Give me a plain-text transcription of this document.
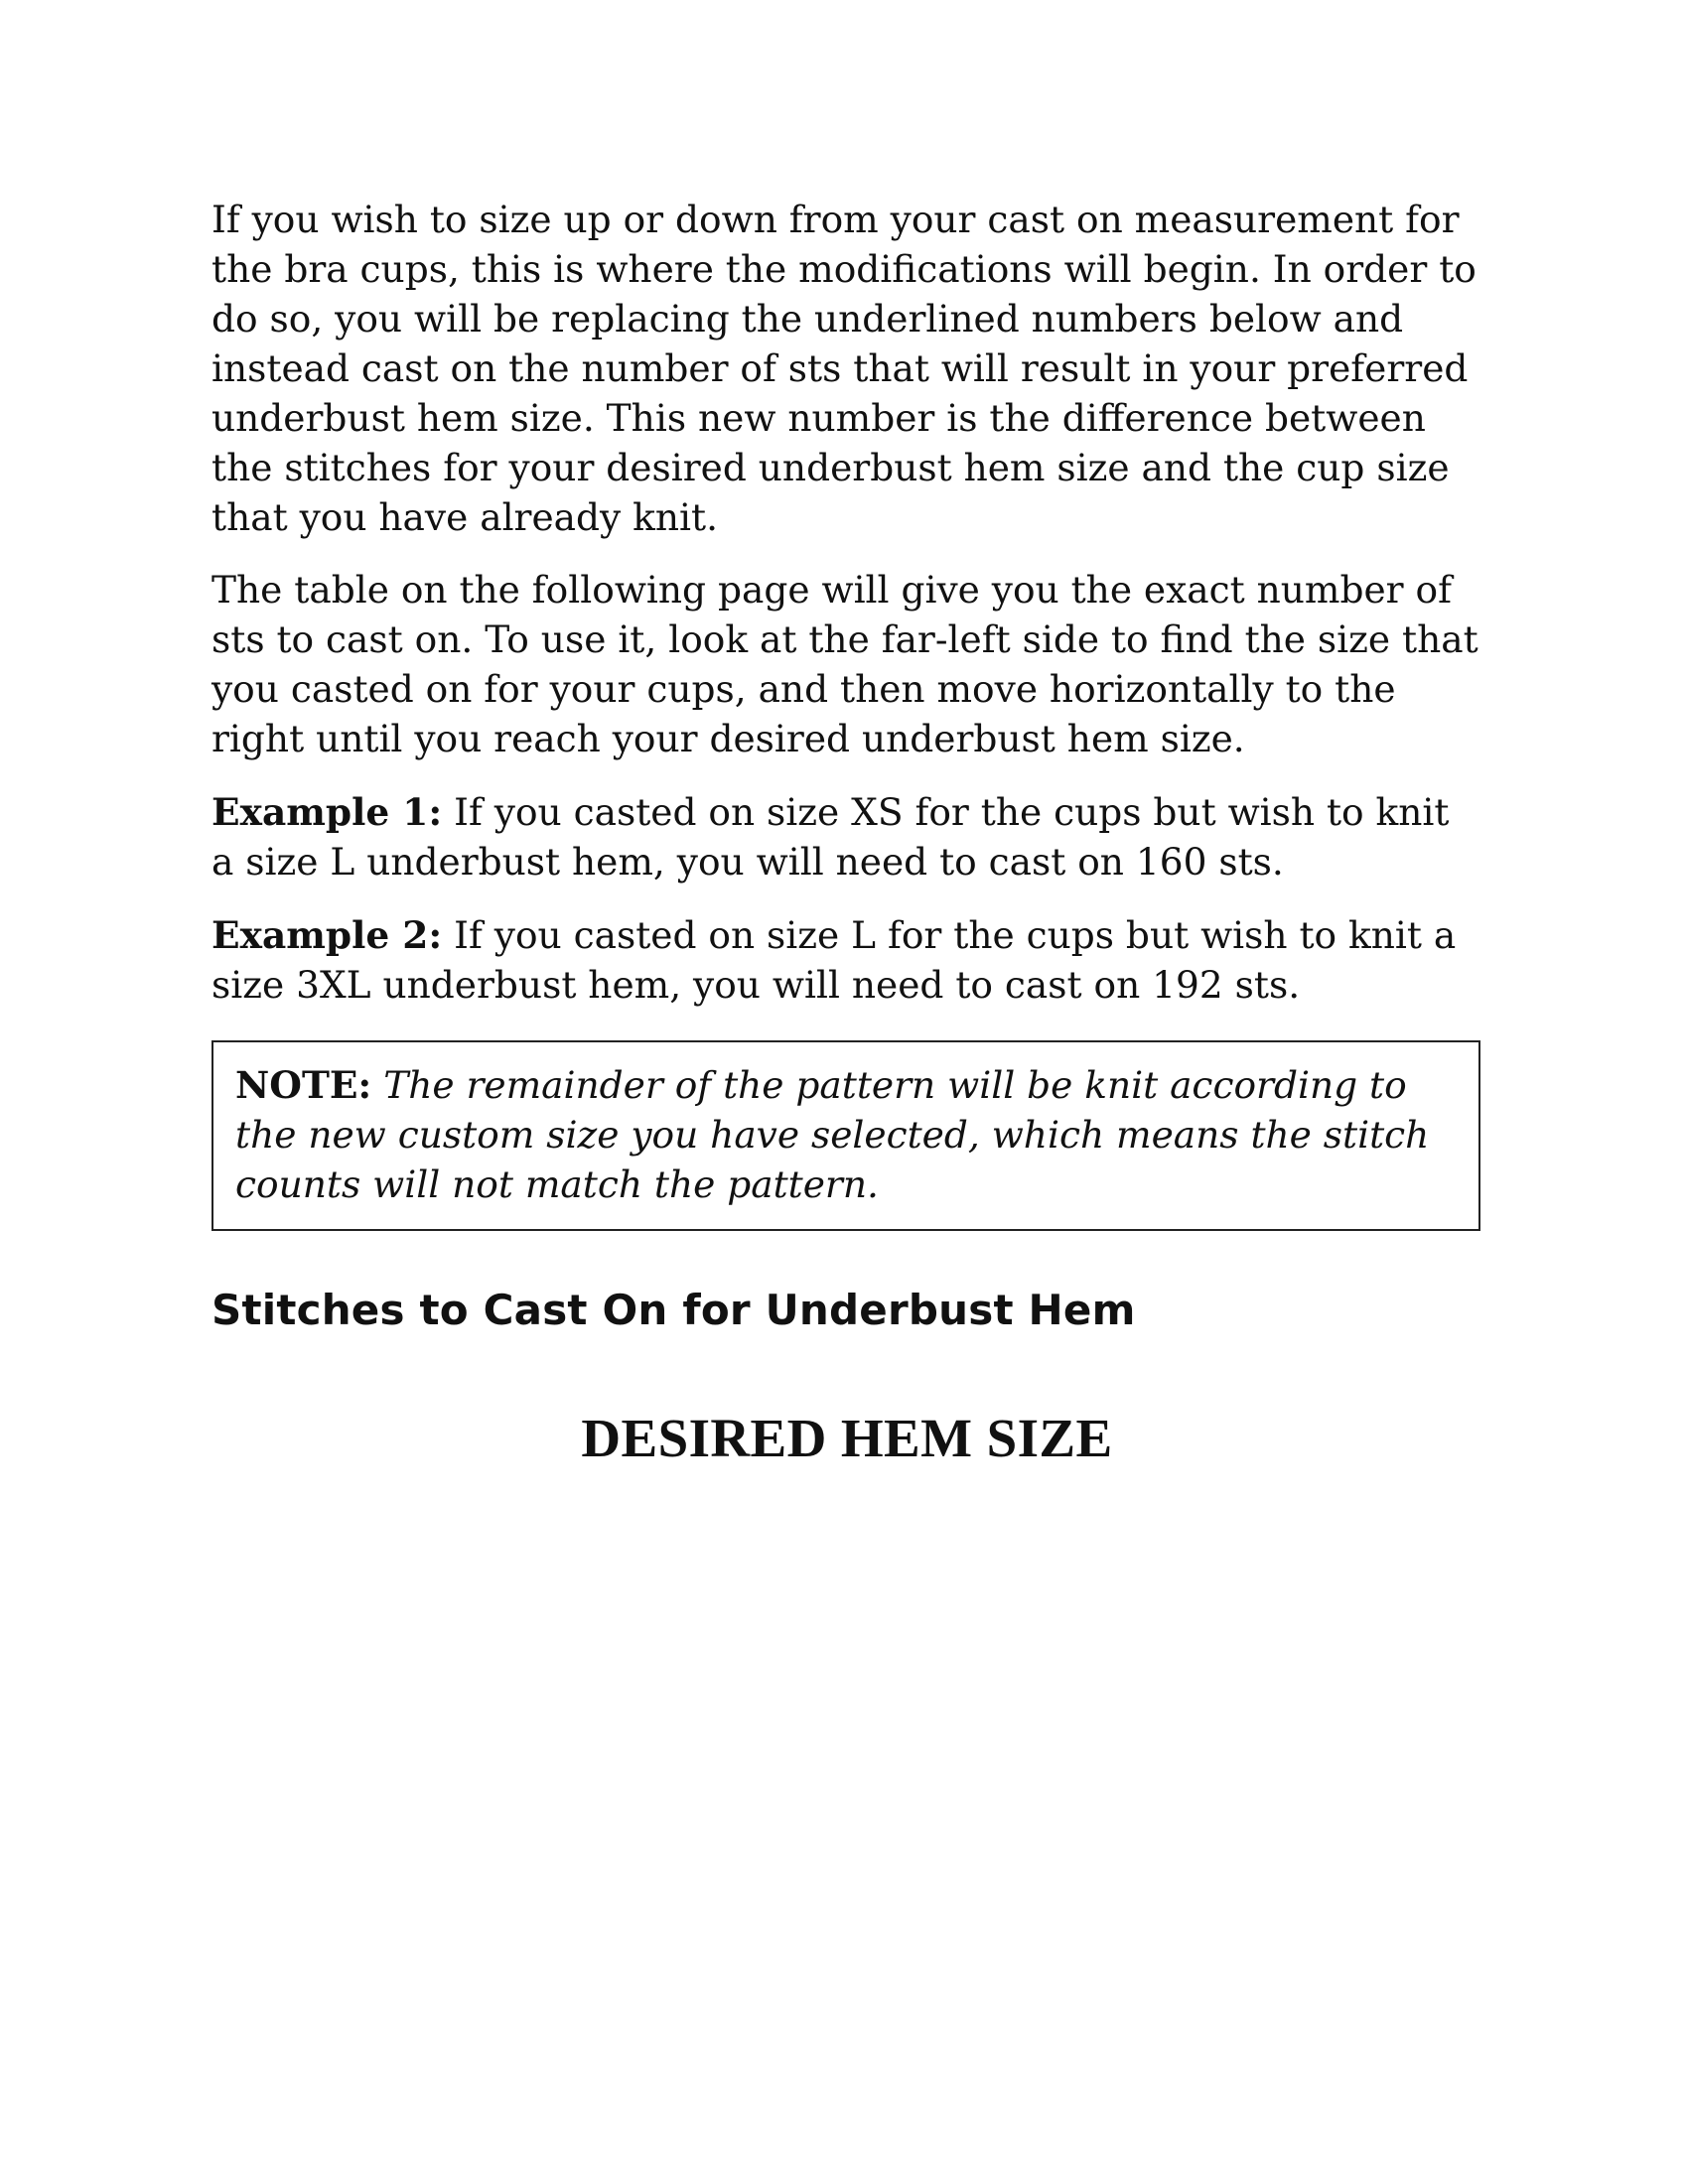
If you wish to size up or down from your cast on measurement for the bra cups, this is where the modifications will begin. In order to do so, you will be replacing the underlined numbers below and instead cast on the number of sts that will result in your preferred underbust hem size. This new number is the difference between the stitches for your desired underbust hem size and the cup size that you have already knit.

The table on the following page will give you the exact number of sts to cast on. To use it, look at the far-left side to find the size that you casted on for your cups, and then move horizontally to the right until you reach your desired underbust hem size.

Example 1: If you casted on size XS for the cups but wish to knit a size L underbust hem, you will need to cast on 160 sts.

Example 2: If you casted on size L for the cups but wish to knit a size 3XL underbust hem, you will need to cast on 192 sts.

NOTE: The remainder of the pattern will be knit according to the new custom size you have selected, which means the stitch counts will not match the pattern.
Stitches to Cast On for Underbust Hem
DESIRED HEM SIZE
